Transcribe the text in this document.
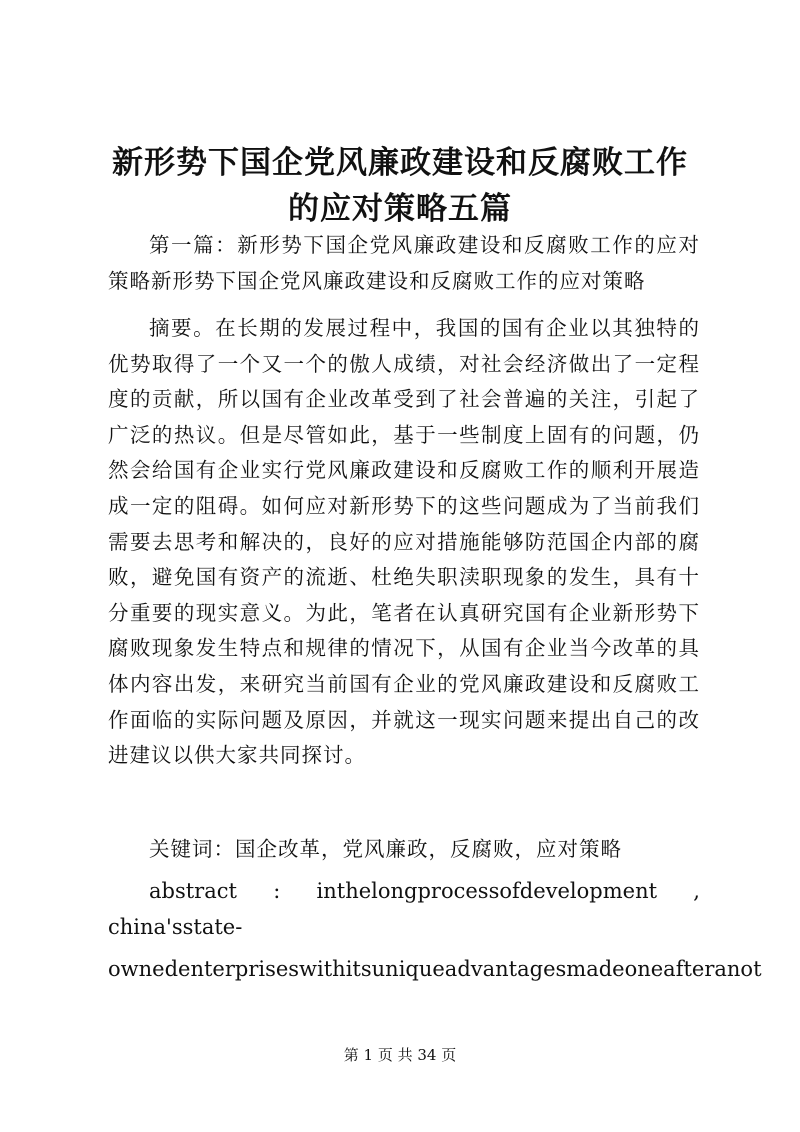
新形势下国企党风廉政建设和反腐败工作的应对策略五篇

第一篇：新形势下国企党风廉政建设和反腐败工作的应对策略新形势下国企党风廉政建设和反腐败工作的应对策略

摘要。在长期的发展过程中，我国的国有企业以其独特的优势取得了一个又一个的傲人成绩，对社会经济做出了一定程度的贡献，所以国有企业改革受到了社会普遍的关注，引起了广泛的热议。但是尽管如此，基于一些制度上固有的问题，仍然会给国有企业实行党风廉政建设和反腐败工作的顺利开展造成一定的阻碍。如何应对新形势下的这些问题成为了当前我们需要去思考和解决的，良好的应对措施能够防范国企内部的腐败，避免国有资产的流逝、杜绝失职渎职现象的发生，具有十分重要的现实意义。为此，笔者在认真研究国有企业新形势下腐败现象发生特点和规律的情况下，从国有企业当今改革的具体内容出发，来研究当前国有企业的党风廉政建设和反腐败工作面临的实际问题及原因，并就这一现实问题来提出自己的改进建议以供大家共同探讨。

关键词：国企改革，党风廉政，反腐败，应对策略

abstract : inthelongprocessofdevelopment ,
china'sstate-
ownedenterpriseswithitsuniqueadvantagesmadeoneafteranot
第 1 页 共 34 页
